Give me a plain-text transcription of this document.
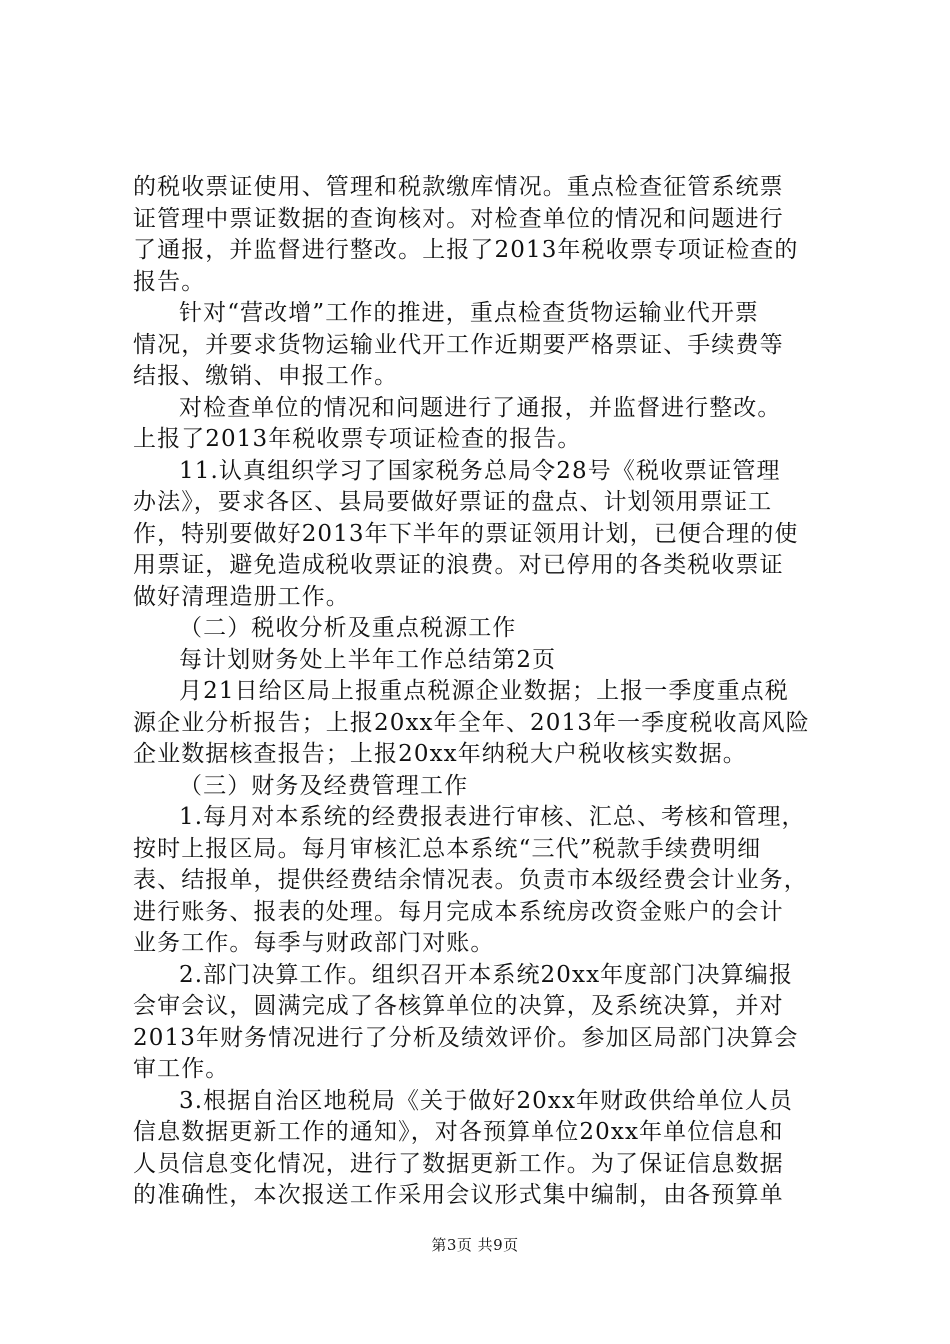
的税收票证使用、管理和税款缴库情况。重点检查征管系统票
证管理中票证数据的查询核对。对检查单位的情况和问题进行
了通报，并监督进行整改。上报了2013年税收票专项证检查的
报告。
针对“营改增”工作的推进，重点检查货物运输业代开票
情况，并要求货物运输业代开工作近期要严格票证、手续费等
结报、缴销、申报工作。
对检查单位的情况和问题进行了通报，并监督进行整改。
上报了2013年税收票专项证检查的报告。
11.认真组织学习了国家税务总局令28号《税收票证管理
办法》，要求各区、县局要做好票证的盘点、计划领用票证工
作，特别要做好2013年下半年的票证领用计划，已便合理的使
用票证，避免造成税收票证的浪费。对已停用的各类税收票证
做好清理造册工作。
（二）税收分析及重点税源工作
每计划财务处上半年工作总结第2页
月21日给区局上报重点税源企业数据；上报一季度重点税
源企业分析报告；上报20xx年全年、2013年一季度税收高风险
企业数据核查报告；上报20xx年纳税大户税收核实数据。
（三）财务及经费管理工作
1.每月对本系统的经费报表进行审核、汇总、考核和管理，
按时上报区局。每月审核汇总本系统“三代”税款手续费明细
表、结报单，提供经费结余情况表。负责市本级经费会计业务，
进行账务、报表的处理。每月完成本系统房改资金账户的会计
业务工作。每季与财政部门对账。
2.部门决算工作。组织召开本系统20xx年度部门决算编报
会审会议，圆满完成了各核算单位的决算，及系统决算，并对
2013年财务情况进行了分析及绩效评价。参加区局部门决算会
审工作。
3.根据自治区地税局《关于做好20xx年财政供给单位人员
信息数据更新工作的通知》，对各预算单位20xx年单位信息和
人员信息变化情况，进行了数据更新工作。为了保证信息数据
的准确性，本次报送工作采用会议形式集中编制，由各预算单
第3页 共9页
